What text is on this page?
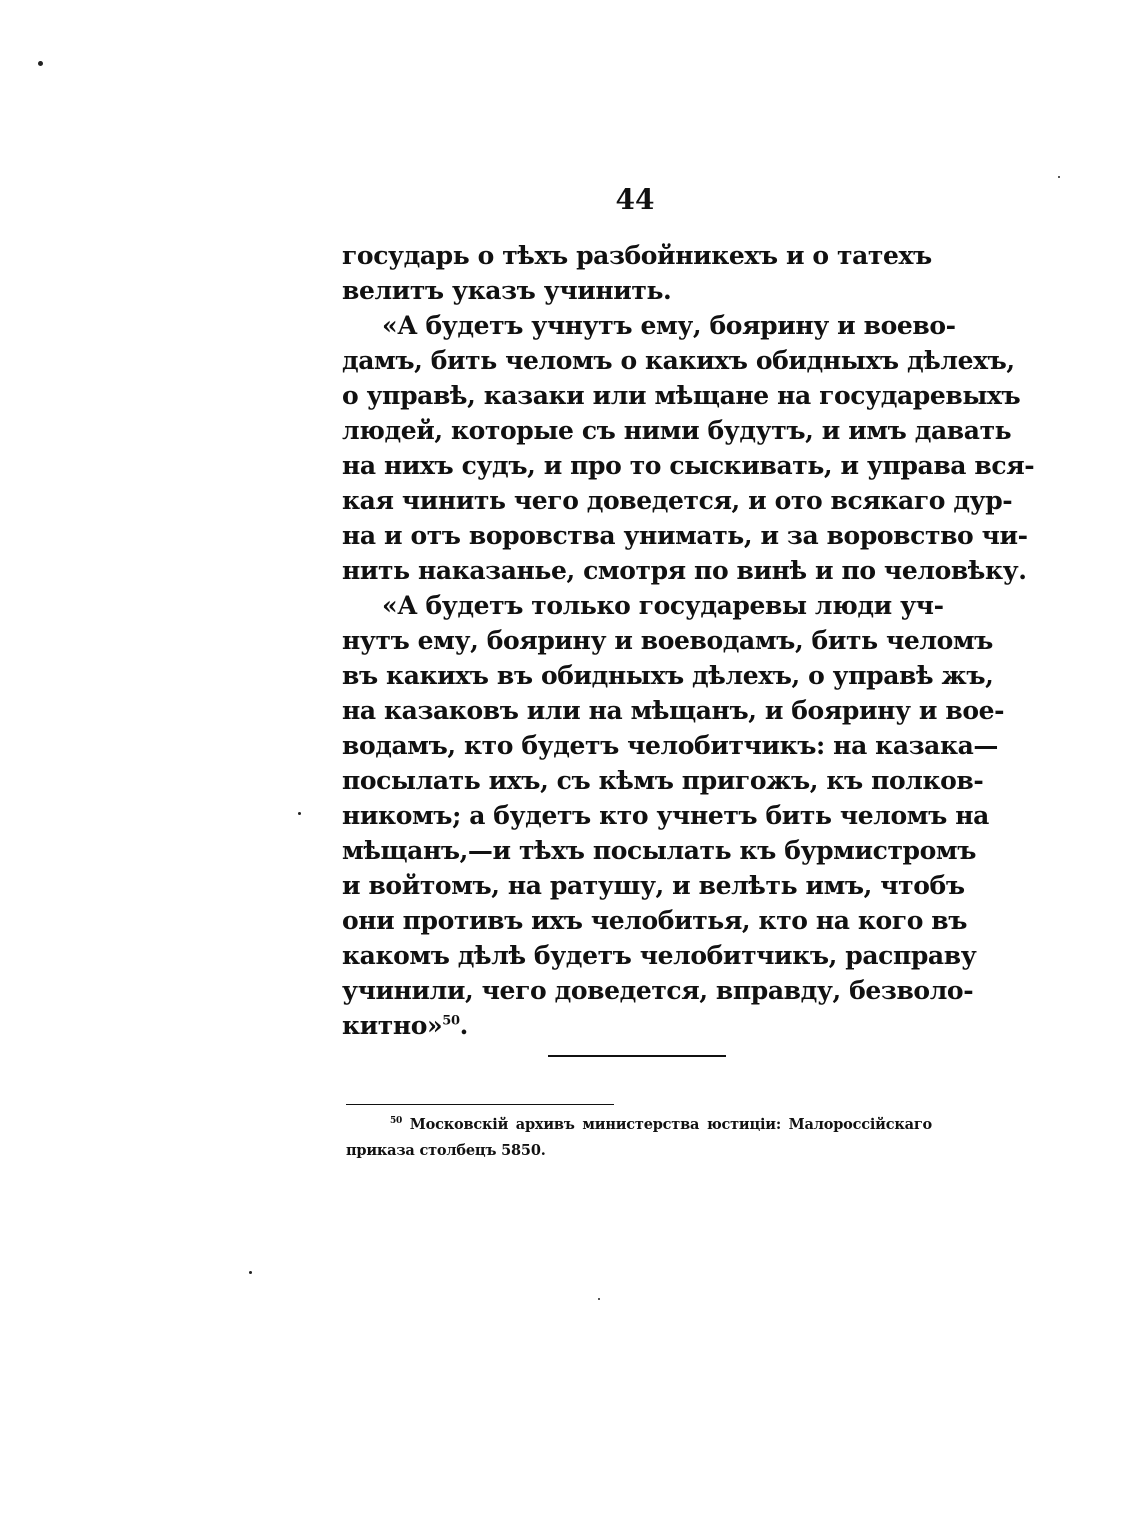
44
государь о тѣхъ разбойникехъ и о татехъ
велитъ указъ учинить.
«А будетъ учнутъ ему, боярину и воево-
дамъ, бить челомъ о какихъ обидныхъ дѣлехъ,
о управѣ, казаки или мѣщане на государевыхъ
людей, которые съ ними будутъ, и имъ давать
на нихъ судъ, и про то сыскивать, и управа вся-
кая чинить чего доведется, и ото всякаго дур-
на и отъ воровства унимать, и за воровство чи-
нить наказанье, смотря по винѣ и по человѣку.
«А будетъ только государевы люди уч-
нутъ ему, боярину и воеводамъ, бить челомъ
въ какихъ въ обидныхъ дѣлехъ, о управѣ жъ,
на казаковъ или на мѣщанъ, и боярину и вое-
водамъ, кто будетъ челобитчикъ: на казака—
посылать ихъ, съ кѣмъ пригожъ, къ полков-
никомъ; а будетъ кто учнетъ бить челомъ на
мѣщанъ,—и тѣхъ посылать къ бурмистромъ
и войтомъ, на ратушу, и велѣть имъ, чтобъ
они противъ ихъ челобитья, кто на кого въ
какомъ дѣлѣ будетъ челобитчикъ, расправу
учинили, чего доведется, вправду, безволо-
китно»$^{50}$.
$^{50}$ Московскій архивъ министерства юстиціи: Малороссійскаго
приказа столбецъ 5850.
